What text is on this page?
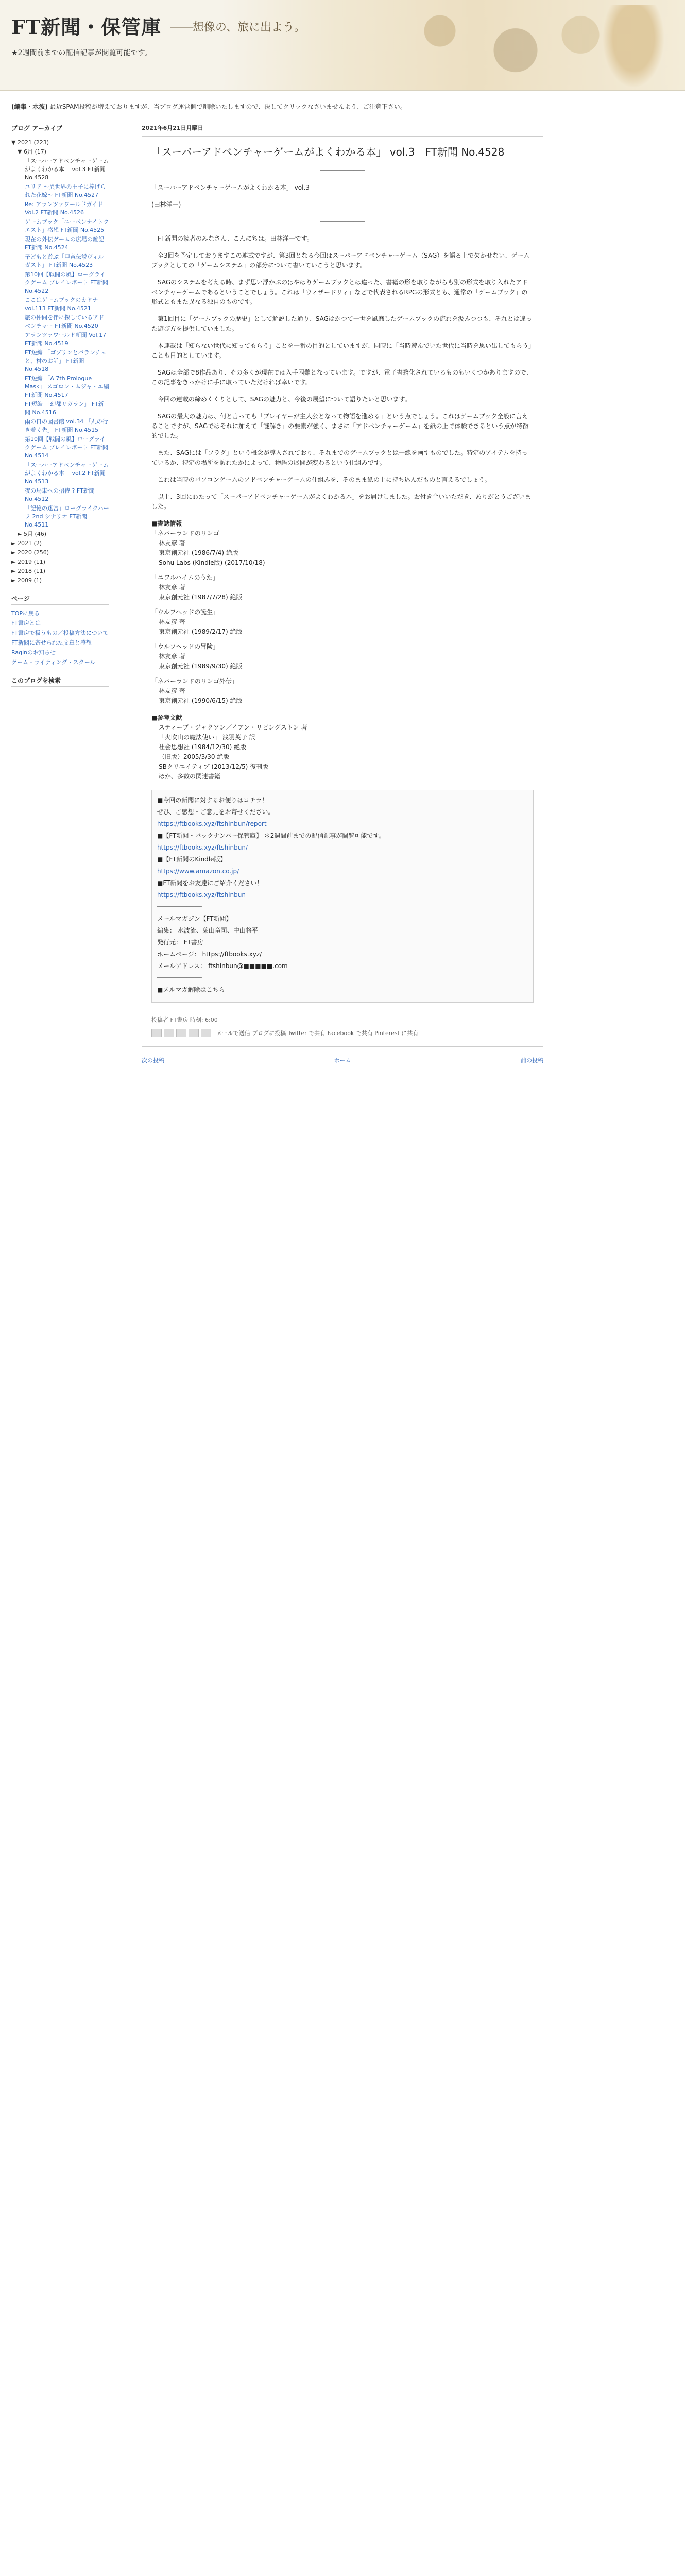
FT新聞・保管庫 ――想像の、旅に出よう。
★2週間前までの配信記事が閲覧可能です。
(編集・水波) 最近SPAM投稿が増えておりますが、当ブログ運営側で削除いたしますので、決してクリックなさいませんよう、ご注意下さい。
ブログ アーカイブ
▼ 2021 (223)
▼ 6月 (17)
「スーパーアドベンチャーゲームがよくわかる本」 vol.3 FT新聞 No.4528
ユリア ～異世界の王子に捧げられた花嫁～ FT新聞 No.4527
Re: アランツァワールドガイド Vol.2 FT新聞 No.4526
ゲームブック「ニーベンナイトクエスト」感想 FT新聞 No.4525
現在の外伝ゲームの広場の雑記 FT新聞 No.4524
子どもと遊ぶ「甲竜伝説ヴィルガスト」 FT新聞 No.4523
第10回【戦闘の風】ローグライクゲーム プレイレポート FT新聞 No.4522
ここはゲームブックのカドナ vol.113 FT新聞 No.4521
旅の仲間を伴に探しているアドベンチャー FT新聞 No.4520
アランツァワールド新聞 Vol.17 FT新聞 No.4519
FT短編 「ゴブリンとバランチェと、村のお話」 FT新聞 No.4518
FT短編 「A 7th Prologue Mask」 スゴロン・ムジャ・エ編 FT新聞 No.4517
FT短編 「幻都リガラン」 FT新聞 No.4516
雨の日の図書館 vol.34 「丸の行き着く先」 FT新聞 No.4515
第10回【戦闘の風】ローグライクゲーム プレイレポート FT新聞 No.4514
「スーパーアドベンチャーゲームがよくわかる本」 vol.2 FT新聞 No.4513
夜の馬車への招待 ? FT新聞 No.4512
「記憶の迷宮」ローグライクハーフ 2nd シナリオ FT新聞 No.4511
► 5月 (46)
► 2021 (2)
► 2020 (256)
► 2019 (11)
► 2018 (11)
► 2009 (1)
ページ
TOPに戻る
FT書房とは
FT書房で扱うもの／投稿方法について
FT新聞に寄せられた文章と感想
Raginのお知らせ
ゲーム・ライティング・スクール
このブログを検索
2021年6月21日月曜日
「スーパーアドベンチャーゲームがよくわかる本」 vol.3　FT新聞 No.4528

────────────

「スーパーアドベンチャーゲームがよくわかる本」 vol.3

(田林洋一)

────────────

　FT新聞の読者のみなさん、こんにちは。田林洋一です。

　全3回を予定しておりますこの連載ですが、第3回となる今回はスーパーアドベンチャーゲーム（SAG）を語る上で欠かせない、ゲームブックとしての「ゲームシステム」の部分について書いていこうと思います。

　SAGのシステムを考える時、まず思い浮かぶのはやはりゲームブックとは違った、書籍の形を取りながらも別の形式を取り入れたアドベンチャーゲームであるということでしょう。これは「ウィザードリィ」などで代表されるRPGの形式とも、通常の「ゲームブック」の形式ともまた異なる独自のものです。

　第1回目に「ゲームブックの歴史」として解説した通り、SAGはかつて一世を風靡したゲームブックの流れを汲みつつも、それとは違った遊び方を提供していました。

　本連載は「知らない世代に知ってもらう」ことを一番の目的としていますが、同時に「当時遊んでいた世代に当時を思い出してもらう」ことも目的としています。

　SAGは全部で8作品あり、その多くが現在では入手困難となっています。ですが、電子書籍化されているものもいくつかありますので、この記事をきっかけに手に取っていただければ幸いです。

　今回の連載の締めくくりとして、SAGの魅力と、今後の展望について語りたいと思います。

　SAGの最大の魅力は、何と言っても「プレイヤーが主人公となって物語を進める」という点でしょう。これはゲームブック全般に言えることですが、SAGではそれに加えて「謎解き」の要素が強く、まさに「アドベンチャーゲーム」を紙の上で体験できるという点が特徴的でした。

　また、SAGには「フラグ」という概念が導入されており、それまでのゲームブックとは一線を画すものでした。特定のアイテムを持っているか、特定の場所を訪れたかによって、物語の展開が変わるという仕組みです。

　これは当時のパソコンゲームのアドベンチャーゲームの仕組みを、そのまま紙の上に持ち込んだものと言えるでしょう。

　以上、3回にわたって「スーパーアドベンチャーゲームがよくわかる本」をお届けしました。お付き合いいただき、ありがとうございました。

■書誌情報
「ネバーランドのリンゴ」
林友彦 著
東京創元社 (1986/7/4) 絶版
Sohu Labs (Kindle版) (2017/10/18)
「ニフルハイムのうた」
林友彦 著
東京創元社 (1987/7/28) 絶版
「ウルフヘッドの誕生」
林友彦 著
東京創元社 (1989/2/17) 絶版
「ウルフヘッドの冒険」
林友彦 著
東京創元社 (1989/9/30) 絶版
「ネバーランドのリンゴ外伝」
林友彦 著
東京創元社 (1990/6/15) 絶版
■参考文献
スティーブ・ジャクソン／イアン・リビングストン 著
「火吹山の魔法使い」 浅羽莢子 訳
社会思想社 (1984/12/30) 絶版
（旧版）2005/3/30 絶版
SBクリエイティブ (2013/12/5) 復刊版
ほか、多数の関連書籍
■今回の新聞に対するお便りはコチラ！
ぜひ、ご感想・ご意見をお寄せください。
https://ftbooks.xyz/ftshinbun/report
■【FT新聞・バックナンバー保管庫】 ＊2週間前までの配信記事が閲覧可能です。
https://ftbooks.xyz/ftshinbun/
■【FT新聞のKindle版】
https://www.amazon.co.jp/
■FT新聞をお友達にご紹介ください！
https://ftbooks.xyz/ftshinbun
────────────
メールマガジン【FT新聞】
編集： 水波流、葉山竜司、中山将平
発行元： FT書房
ホームページ： https://ftbooks.xyz/
メールアドレス： ftshinbun@■■■■■.com
────────────
■メルマガ解除はこちら
投稿者 FT書房 時刻: 6:00
メールで送信 ブログに投稿 Twitter で共有 Facebook で共有 Pinterest に共有
次の投稿	ホーム	前の投稿
